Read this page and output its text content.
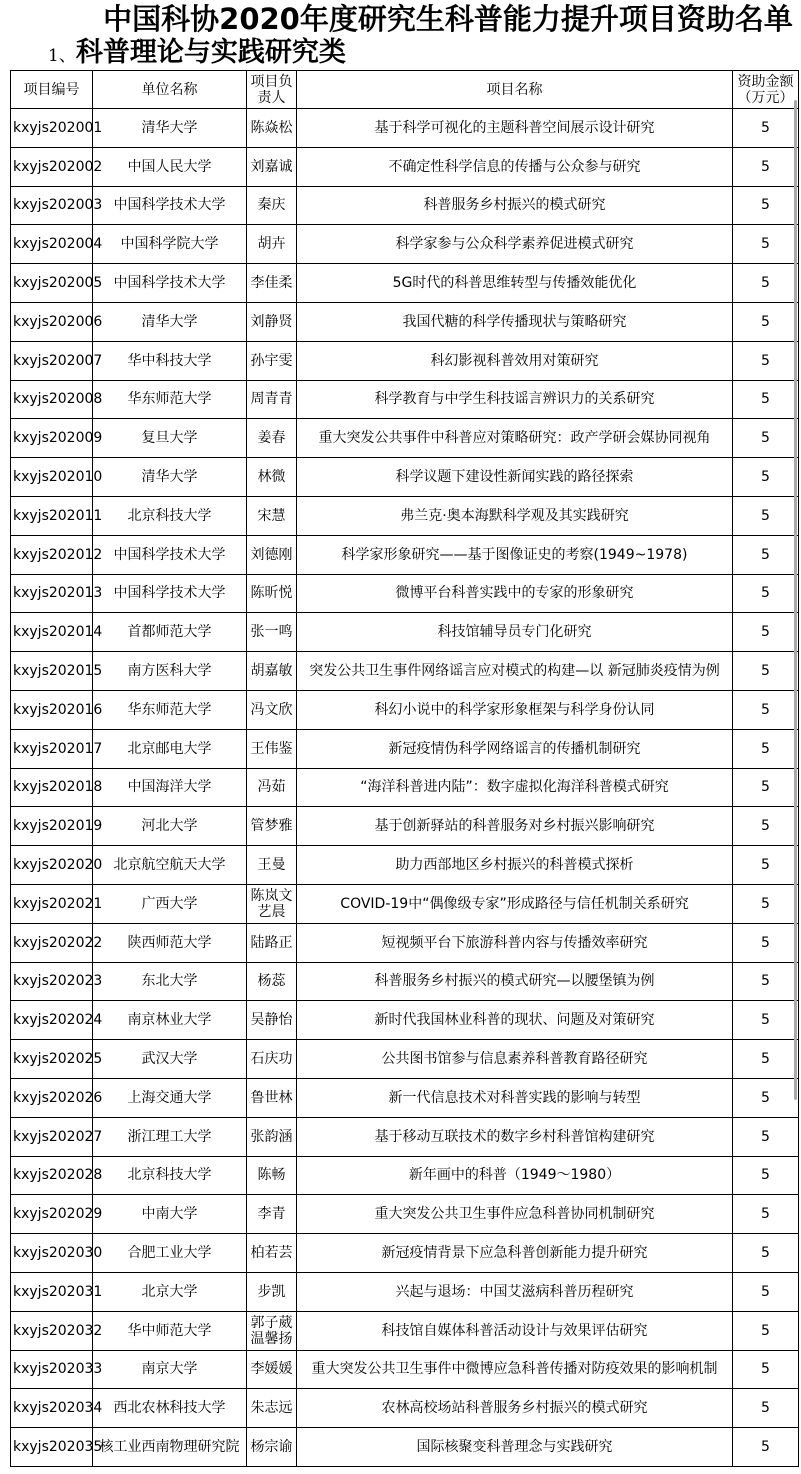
中国科协2020年度研究生科普能力提升项目资助名单
1、科普理论与实践研究类
项目编号	单位名称	项目负责人	项目名称	资助金额（万元）
kxyjs202001	清华大学	陈焱松	基于科学可视化的主题科普空间展示设计研究	5
kxyjs202002	中国人民大学	刘嘉诚	不确定性科学信息的传播与公众参与研究	5
kxyjs202003	中国科学技术大学	秦庆	科普服务乡村振兴的模式研究	5
kxyjs202004	中国科学院大学	胡卉	科学家参与公众科学素养促进模式研究	5
kxyjs202005	中国科学技术大学	李佳柔	5G时代的科普思维转型与传播效能优化	5
kxyjs202006	清华大学	刘静贤	我国代糖的科学传播现状与策略研究	5
kxyjs202007	华中科技大学	孙宇雯	科幻影视科普效用对策研究	5
kxyjs202008	华东师范大学	周青青	科学教育与中学生科技谣言辨识力的关系研究	5
kxyjs202009	复旦大学	姜春	重大突发公共事件中科普应对策略研究：政产学研会媒协同视角	5
kxyjs202010	清华大学	林微	科学议题下建设性新闻实践的路径探索	5
kxyjs202011	北京科技大学	宋慧	弗兰克·奥本海默科学观及其实践研究	5
kxyjs202012	中国科学技术大学	刘德刚	科学家形象研究——基于图像证史的考察(1949~1978)	5
kxyjs202013	中国科学技术大学	陈昕悦	微博平台科普实践中的专家的形象研究	5
kxyjs202014	首都师范大学	张一鸣	科技馆辅导员专门化研究	5
kxyjs202015	南方医科大学	胡嘉敏	突发公共卫生事件网络谣言应对模式的构建—以 新冠肺炎疫情为例	5
kxyjs202016	华东师范大学	冯文欣	科幻小说中的科学家形象框架与科学身份认同	5
kxyjs202017	北京邮电大学	王伟鉴	新冠疫情伪科学网络谣言的传播机制研究	5
kxyjs202018	中国海洋大学	冯茹	“海洋科普进内陆”：数字虚拟化海洋科普模式研究	5
kxyjs202019	河北大学	管梦雅	基于创新驿站的科普服务对乡村振兴影响研究	5
kxyjs202020	北京航空航天大学	王曼	助力西部地区乡村振兴的科普模式探析	5
kxyjs202021	广西大学	陈岚文艺晨	COVID-19中“偶像级专家”形成路径与信任机制关系研究	5
kxyjs202022	陕西师范大学	陆路正	短视频平台下旅游科普内容与传播效率研究	5
kxyjs202023	东北大学	杨蕊	科普服务乡村振兴的模式研究—以腰堡镇为例	5
kxyjs202024	南京林业大学	吴静怡	新时代我国林业科普的现状、问题及对策研究	5
kxyjs202025	武汉大学	石庆功	公共图书馆参与信息素养科普教育路径研究	5
kxyjs202026	上海交通大学	鲁世林	新一代信息技术对科普实践的影响与转型	5
kxyjs202027	浙江理工大学	张韵涵	基于移动互联技术的数字乡村科普馆构建研究	5
kxyjs202028	北京科技大学	陈畅	新年画中的科普（1949～1980）	5
kxyjs202029	中南大学	李青	重大突发公共卫生事件应急科普协同机制研究	5
kxyjs202030	合肥工业大学	柏若芸	新冠疫情背景下应急科普创新能力提升研究	5
kxyjs202031	北京大学	步凯	兴起与退场：中国艾滋病科普历程研究	5
kxyjs202032	华中师范大学	郭子葳温馨扬	科技馆自媒体科普活动设计与效果评估研究	5
kxyjs202033	南京大学	李媛媛	重大突发公共卫生事件中微博应急科普传播对防疫效果的影响机制	5
kxyjs202034	西北农林科技大学	朱志远	农林高校场站科普服务乡村振兴的模式研究	5
kxyjs202035	核工业西南物理研究院	杨宗谕	国际核聚变科普理念与实践研究	5
